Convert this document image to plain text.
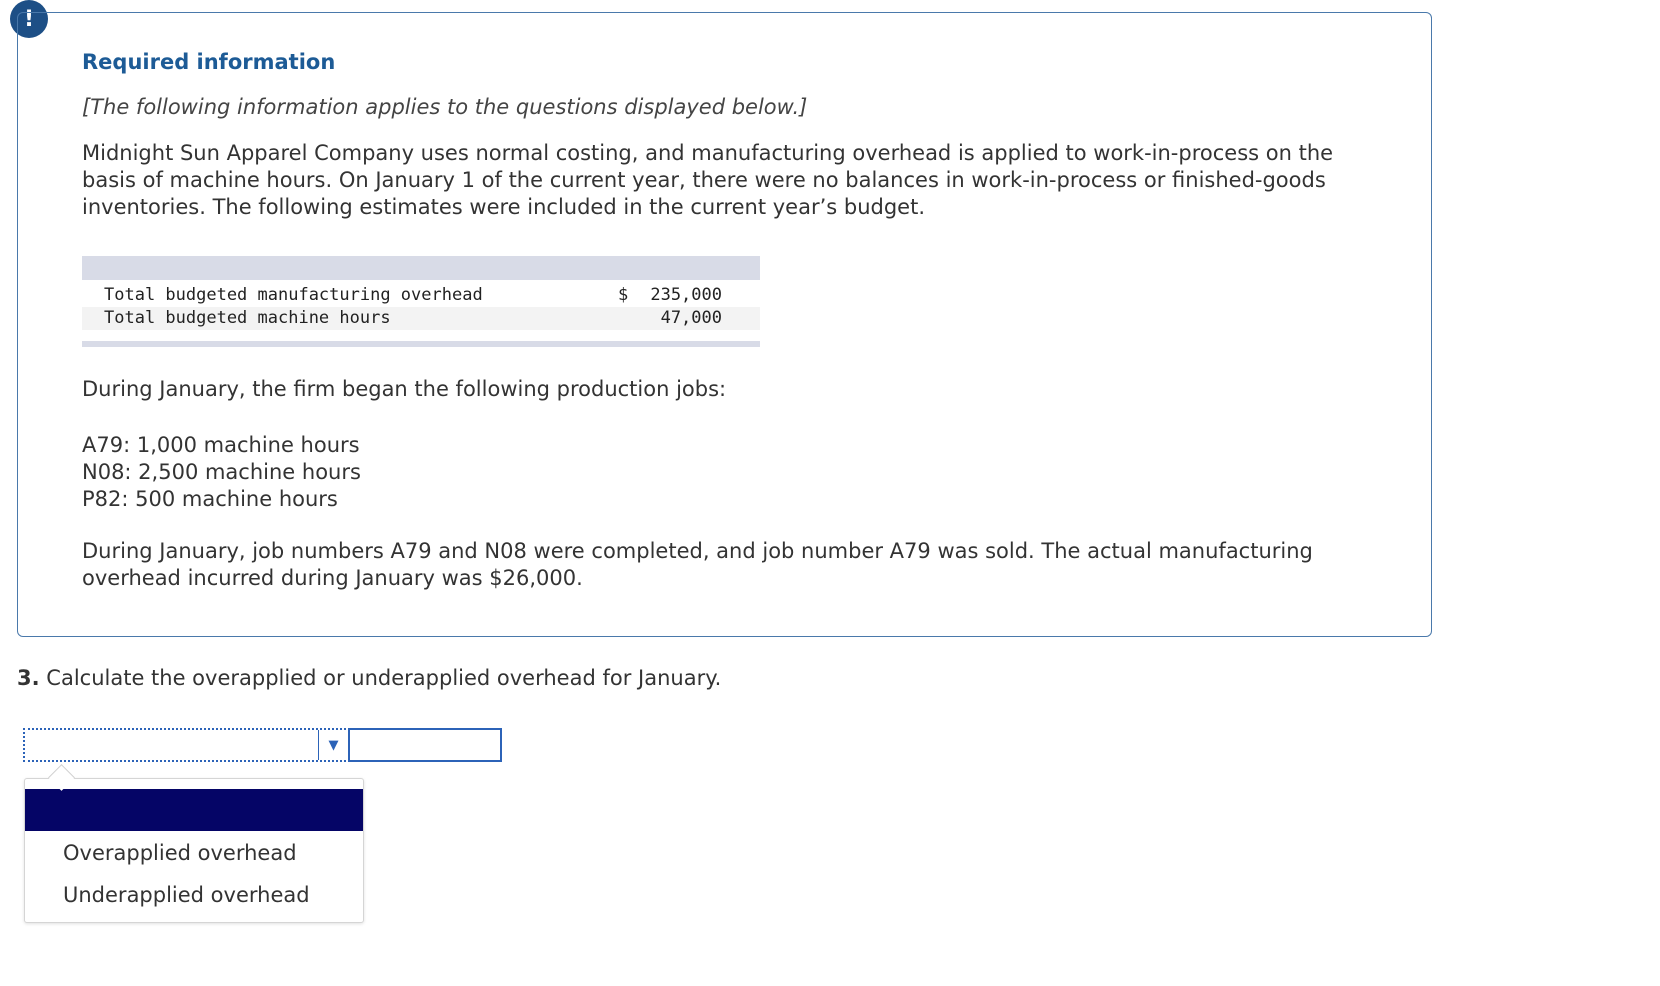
!
Required information
[The following information applies to the questions displayed below.]
Midnight Sun Apparel Company uses normal costing, and manufacturing overhead is applied to work-in-process on the basis of machine hours. On January 1 of the current year, there were no balances in work-in-process or finished-goods inventories. The following estimates were included in the current year’s budget.
Total budgeted manufacturing overhead	$ 235,000
Total budgeted machine hours	47,000
During January, the firm began the following production jobs:
A79: 1,000 machine hours
N08: 2,500 machine hours
P82: 500 machine hours
During January, job numbers A79 and N08 were completed, and job number A79 was sold. The actual manufacturing overhead incurred during January was $26,000.
3. Calculate the overapplied or underapplied overhead for January.
▼
Overapplied overhead
Underapplied overhead
